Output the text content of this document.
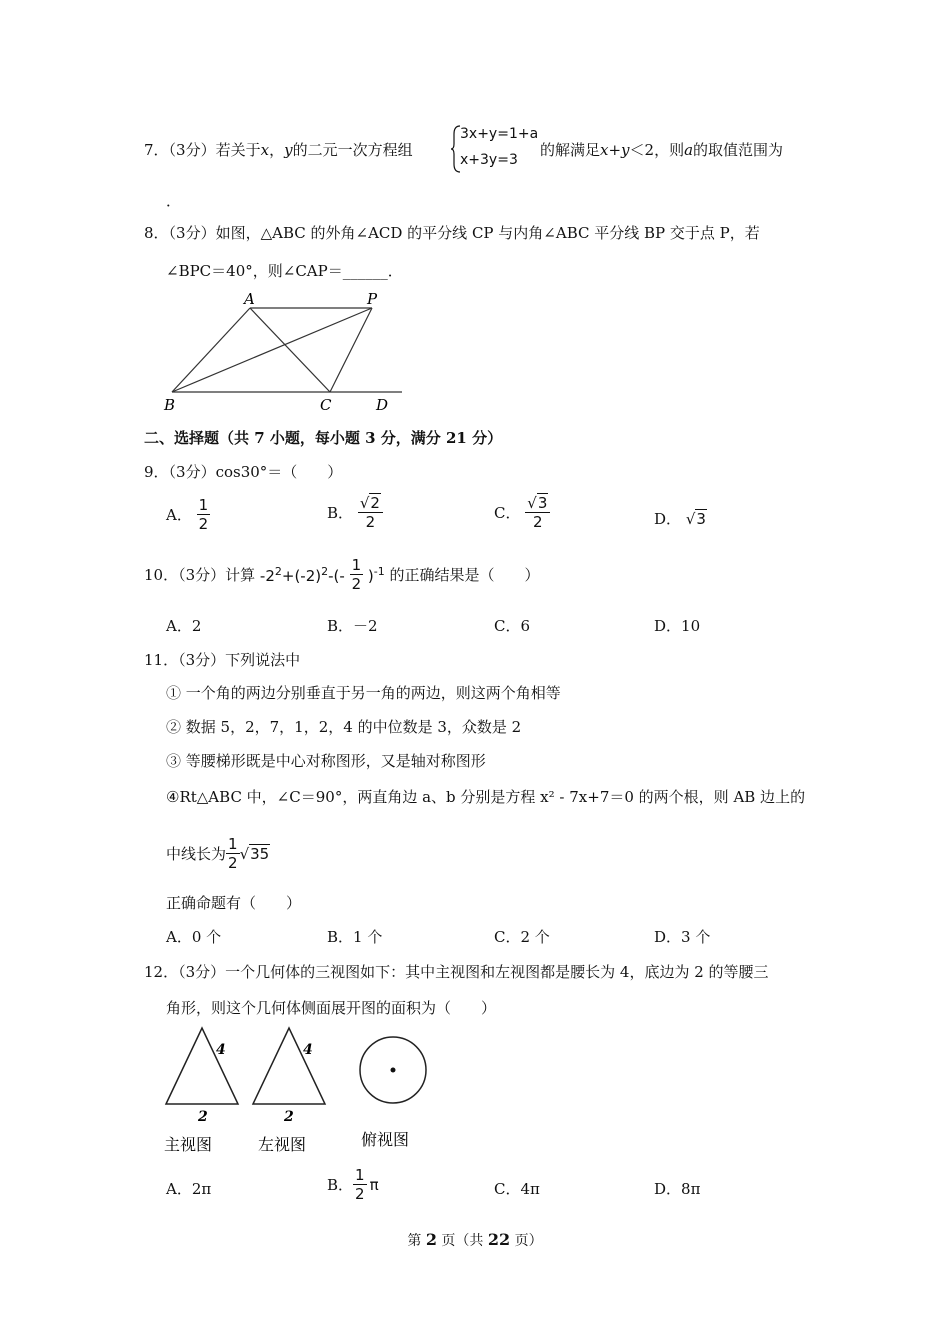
7．（3分）若关于x，y的二元一次方程组
3x+y=1+a
x+3y=3
的解满足x+y＜2，则a的取值范围为
．
8．（3分）如图，△ABC 的外角∠ACD 的平分线 CP 与内角∠ABC 平分线 BP 交于点 P，若
∠BPC＝40°，则∠CAP＝______．
A	P
B	C	D
二、选择题（共 7 小题，每小题 3 分，满分 21 分）
9．（3分）cos30°＝（　　）
A． $\frac{1}{2}$	B． $\frac{√2}{2}$	C． $\frac{√3}{2}$	D． √3
10．（3分）计算 $-2^2+(-2)^2-(- \frac{1}{2} )^{-1}$ 的正确结果是（　　）
A．2	B．－2	C．6	D．10
11．（3分）下列说法中
① 一个角的两边分别垂直于另一角的两边，则这两个角相等
② 数据 5，2，7，1，2，4 的中位数是 3，众数是 2
③ 等腰梯形既是中心对称图形，又是轴对称图形
④Rt△ABC 中，∠C＝90°，两直角边 a、b 分别是方程 x² - 7x+7＝0 的两个根，则 AB 边上的
中线长为 $\frac{1}{2} √35$
正确命题有（　　）
A．0 个	B．1 个	C．2 个	D．3 个
12．（3分）一个几何体的三视图如下：其中主视图和左视图都是腰长为 4，底边为 2 的等腰三
角形，则这个几何体侧面展开图的面积为（　　）
4
2
主视图
4
2
左视图	俯视图
A．2π	B． $\frac{1}{2}$ π	C．4π	D．8π
第 2 页（共 22 页）
